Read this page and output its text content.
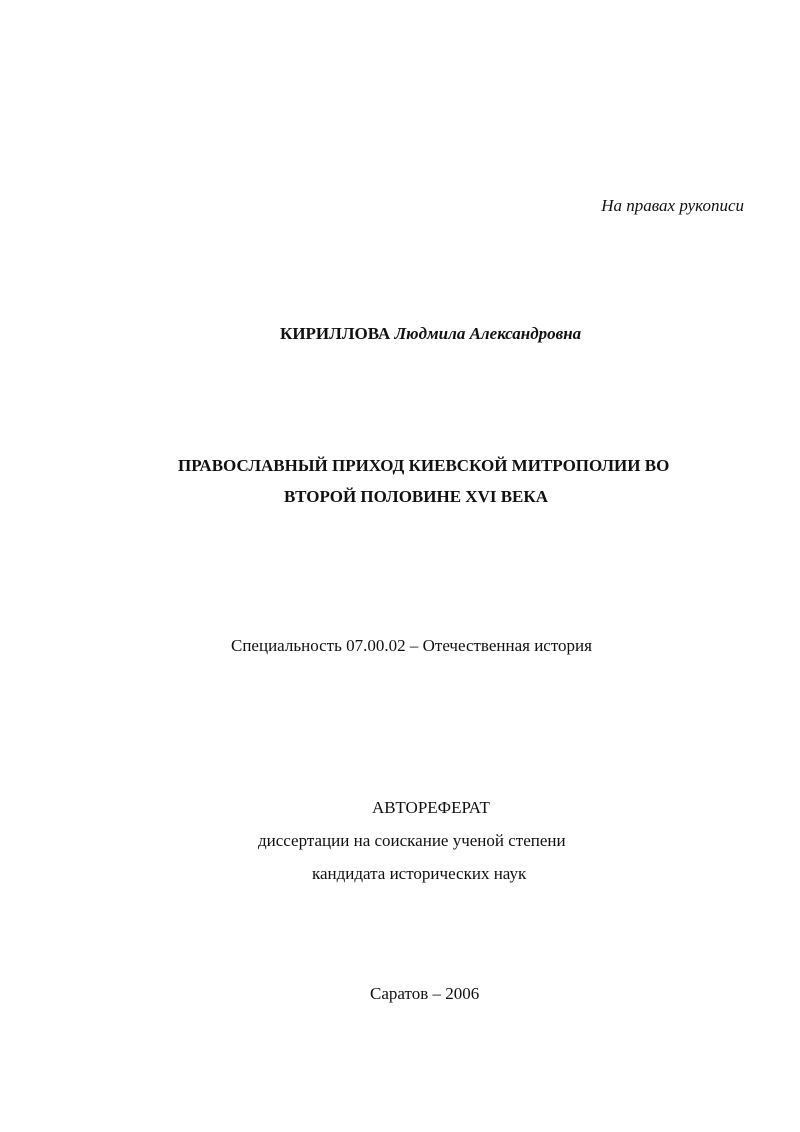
На правах рукописи
КИРИЛЛОВА Людмила Александровна
ПРАВОСЛАВНЫЙ ПРИХОД КИЕВСКОЙ МИТРОПОЛИИ ВО
ВТОРОЙ ПОЛОВИНЕ XVI ВЕКА
Специальность 07.00.02 – Отечественная история
АВТОРЕФЕРАТ
диссертации на соискание ученой степени
кандидата исторических наук
Саратов – 2006
